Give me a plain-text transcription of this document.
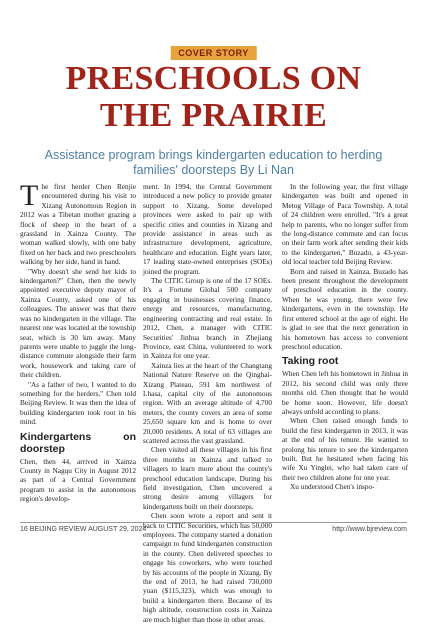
COVER STORY
PRESCHOOLS ON
THE PRAIRIE
Assistance program brings kindergarten education to herding families' doorsteps By Li Nan

The first herder Chen Renjie encountered during his visit to Xizang Autonomous Region in 2012 was a Tibetan mother grazing a flock of sheep in the heart of a grassland in Xainza County. The woman walked slowly, with one baby fixed on her back and two preschoolers walking by her side, hand in hand.

"Why doesn't she send her kids to kindergarten?" Chen, then the newly appointed executive deputy mayor of Xainza County, asked one of his colleagues. The answer was that there was no kindergarten in the village. The nearest one was located at the township seat, which is 30 km away. Many parents were unable to juggle the long-distance commute alongside their farm work, housework and taking care of their children.

"As a father of two, I wanted to do something for the herders," Chen told Beijing Review. It was then the idea of building kindergarten took root in his mind.

Kindergartens on doorstep

Chen, then 44, arrived in Xainza County in Nagqu City in August 2012 as part of a Central Government program to assist in the autonomous region's develop-

ment. In 1994, the Central Government introduced a new policy to provide greater support to Xizang. Some developed provinces were asked to pair up with specific cities and counties in Xizang and provide assistance in areas such as infrastructure development, agriculture, healthcare and education. Eight years later, 17 leading state-owned enterprises (SOEs) joined the program.

The CITIC Group is one of the 17 SOEs. It's a Fortune Global 500 company engaging in businesses covering finance, energy and resources, manufacturing, engineering contracting and real estate. In 2012, Chen, a manager with CITIC Securities' Jinhua branch in Zhejiang Province, east China, volunteered to work in Xainza for one year.

Xainza lies at the heart of the Changtang National Nature Reserve on the Qinghai-Xizang Plateau, 591 km northwest of Lhasa, capital city of the autonomous region. With an average altitude of 4,700 meters, the county covers an area of some 25,650 square km and is home to over 20,000 residents. A total of 63 villages are scattered across the vast grassland.

Chen visited all these villages in his first three months in Xainza and talked to villagers to learn more about the county's preschool education landscape. During his field investigation, Chen uncovered a strong desire among villagers for kindergartens built on their doorsteps.

Chen soon wrote a report and sent it back to CITIC Securities, which has 50,000 employees. The company started a donation campaign to fund kindergarten construction in the county. Chen delivered speeches to engage his coworkers, who were touched by his accounts of the people in Xizang. By the end of 2013, he had raised 730,000 yuan ($115,323), which was enough to build a kindergarten there. Because of its high altitude, construction costs in Xainza are much higher than those in other areas.

In the following year, the first village kindergarten was built and opened in Metog Village of Paca Township. A total of 24 children were enrolled. "It's a great help to parents, who no longer suffer from the long-distance commute and can focus on their farm work after sending their kids to the kindergarten," Buzado, a 43-year-old local teacher told Beijing Review.

Born and raised in Xainza, Buzado has been present throughout the development of preschool education in the county. When he was young, there were few kindergartens, even in the township. He first entered school at the age of eight. He is glad to see that the next generation in his hometown has access to convenient preschool education.

Taking root

When Chen left his hometown in Jinhua in 2012, his second child was only three months old. Chen thought that he would be home soon. However, life doesn't always unfold according to plans.

When Chen raised enough funds to build the first kindergarten in 2013, it was at the end of his tenure. He wanted to prolong his tenure to see the kindergarten built. But he hesitated when facing his wife Xu Yinglei, who had taken care of their two children alone for one year.

Xu understood Chen's inspo-

16 BEIJING REVIEW AUGUST 29, 2024	http://www.bjreview.com
